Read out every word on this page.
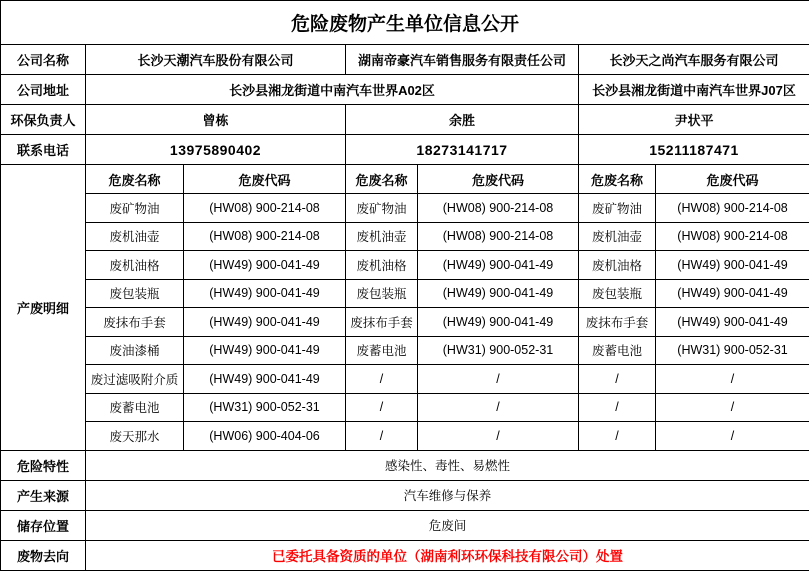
危险废物产生单位信息公开						
公司名称	长沙天潮汽车股份有限公司		湖南帝豪汽车销售服务有限责任公司		长沙天之尚汽车服务有限公司	
公司地址	长沙县湘龙街道中南汽车世界A02区				长沙县湘龙街道中南汽车世界J07区	
环保负责人	曾栋		余胜		尹状平	
联系电话	13975890402		18273141717		15211187471	
产废明细	危废名称	危废代码	危废名称	危废代码	危废名称	危废代码
	废矿物油	(HW08) 900-214-08	废矿物油	(HW08) 900-214-08	废矿物油	(HW08) 900-214-08
	废机油壶	(HW08) 900-214-08	废机油壶	(HW08) 900-214-08	废机油壶	(HW08) 900-214-08
	废机油格	(HW49) 900-041-49	废机油格	(HW49) 900-041-49	废机油格	(HW49) 900-041-49
	废包装瓶	(HW49) 900-041-49	废包装瓶	(HW49) 900-041-49	废包装瓶	(HW49) 900-041-49
	废抹布手套	(HW49) 900-041-49	废抹布手套	(HW49) 900-041-49	废抹布手套	(HW49) 900-041-49
	废油漆桶	(HW49) 900-041-49	废蓄电池	(HW31) 900-052-31	废蓄电池	(HW31) 900-052-31
	废过滤吸附介质	(HW49) 900-041-49	/	/	/	/
	废蓄电池	(HW31) 900-052-31	/	/	/	/
	废天那水	(HW06) 900-404-06	/	/	/	/
危险特性	感染性、毒性、易燃性					
产生来源	汽车维修与保养					
储存位置	危废间					
废物去向	已委托具备资质的单位（湖南利环环保科技有限公司）处置					
